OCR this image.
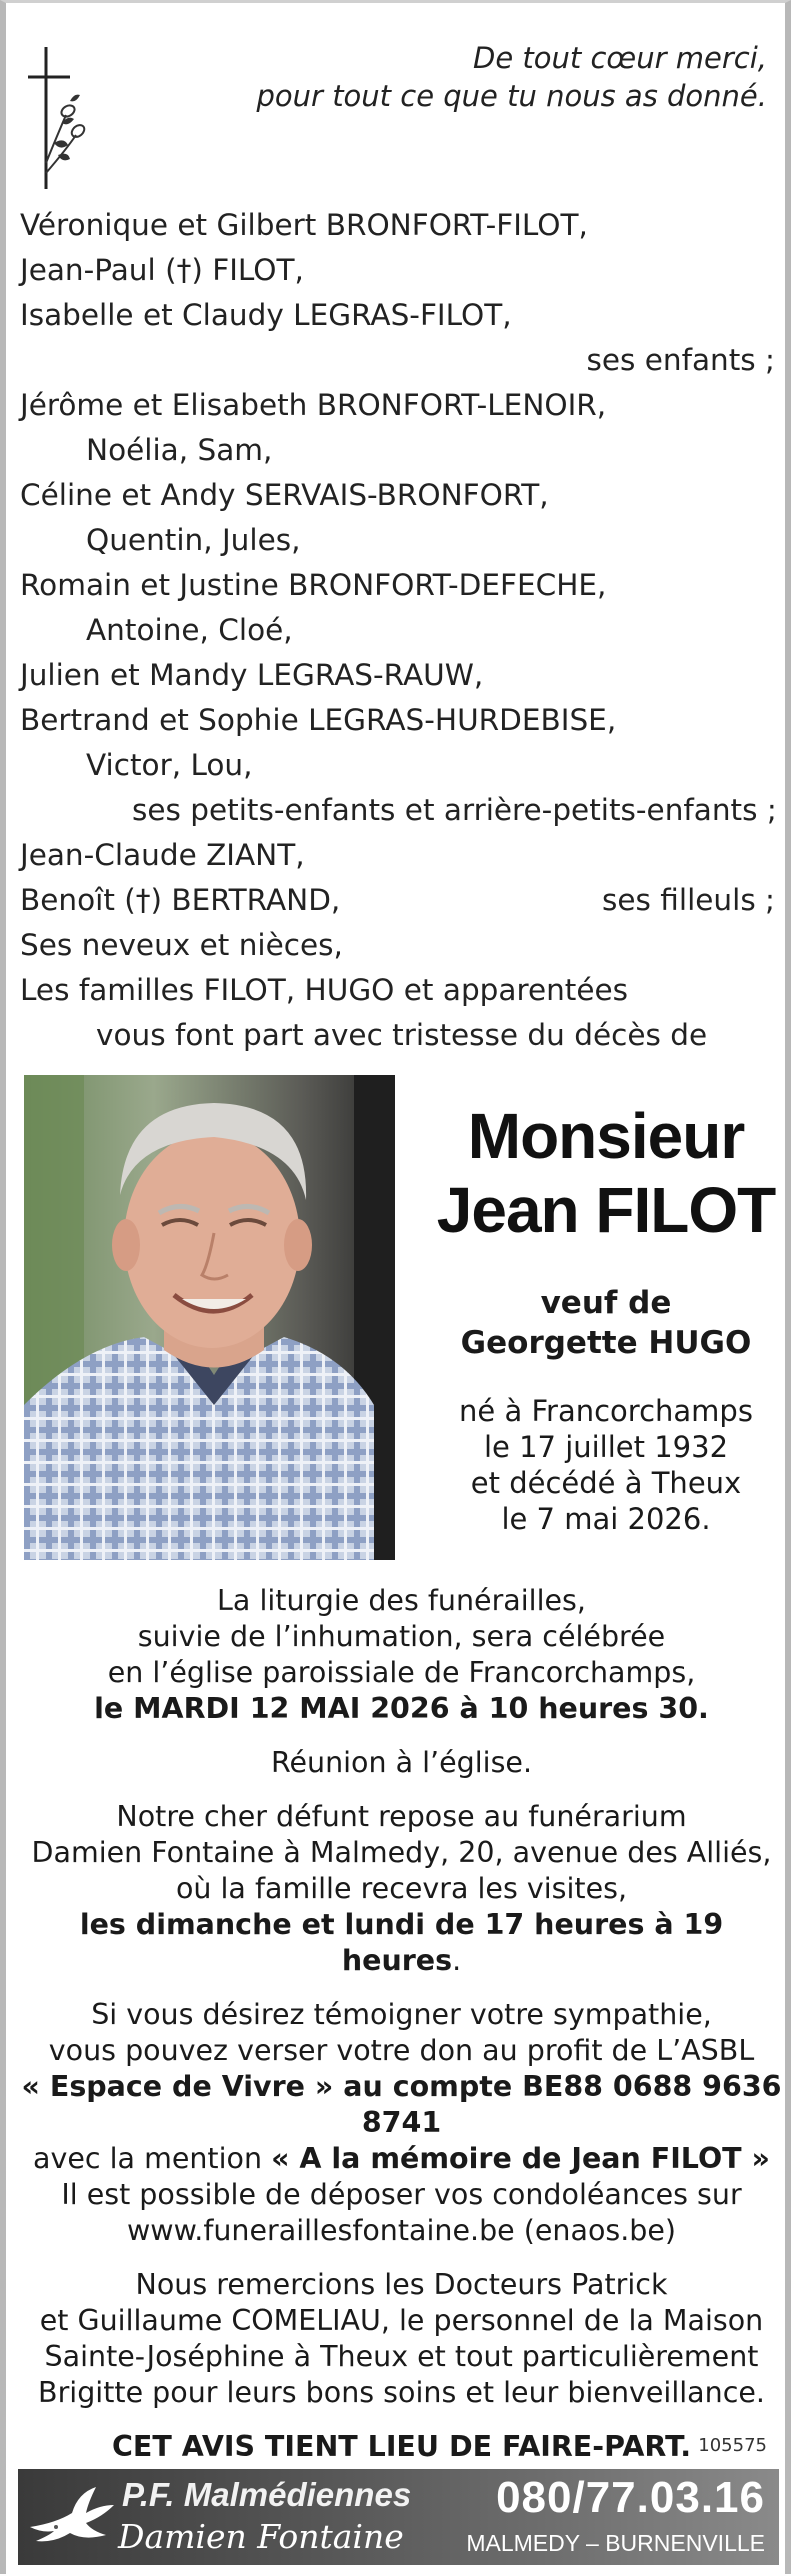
De tout cœur merci,
pour tout ce que tu nous as donné.
Véronique et Gilbert BRONFORT-FILOT,
Jean-Paul (†) FILOT,
Isabelle et Claudy LEGRAS-FILOT,
ses enfants ;
Jérôme et Elisabeth BRONFORT-LENOIR,
Noélia, Sam,
Céline et Andy SERVAIS-BRONFORT,
Quentin, Jules,
Romain et Justine BRONFORT-DEFECHE,
Antoine, Cloé,
Julien et Mandy LEGRAS-RAUW,
Bertrand et Sophie LEGRAS-HURDEBISE,
Victor, Lou,
ses petits-enfants et arrière-petits-enfants ;
Jean-Claude ZIANT,
Benoît (†) BERTRAND,	ses filleuls ;
Ses neveux et nièces,
Les familles FILOT, HUGO et apparentées
vous font part avec tristesse du décès de
Monsieur
Jean FILOT
veuf de
Georgette HUGO
né à Francorchamps
le 17 juillet 1932
et décédé à Theux
le 7 mai 2026.
La liturgie des funérailles,
suivie de l’inhumation, sera célébrée
en l’église paroissiale de Francorchamps,
le MARDI 12 MAI 2026 à 10 heures 30.
Réunion à l’église.
Notre cher défunt repose au funérarium
Damien Fontaine à Malmedy, 20, avenue des Alliés,
où la famille recevra les visites,
les dimanche et lundi de 17 heures à 19 heures.
Si vous désirez témoigner votre sympathie,
vous pouvez verser votre don au profit de L’ASBL
« Espace de Vivre » au compte BE88 0688 9636 8741
avec la mention « A la mémoire de Jean FILOT »
Il est possible de déposer vos condoléances sur
www.funeraillesfontaine.be (enaos.be)
Nous remercions les Docteurs Patrick
et Guillaume COMELIAU, le personnel de la Maison
Sainte-Joséphine à Theux et tout particulièrement
Brigitte pour leurs bons soins et leur bienveillance.
CET AVIS TIENT LIEU DE FAIRE-PART. 105575
P.F. Malmédiennes
Damien Fontaine
080/77.03.16
MALMEDY – BURNENVILLE
